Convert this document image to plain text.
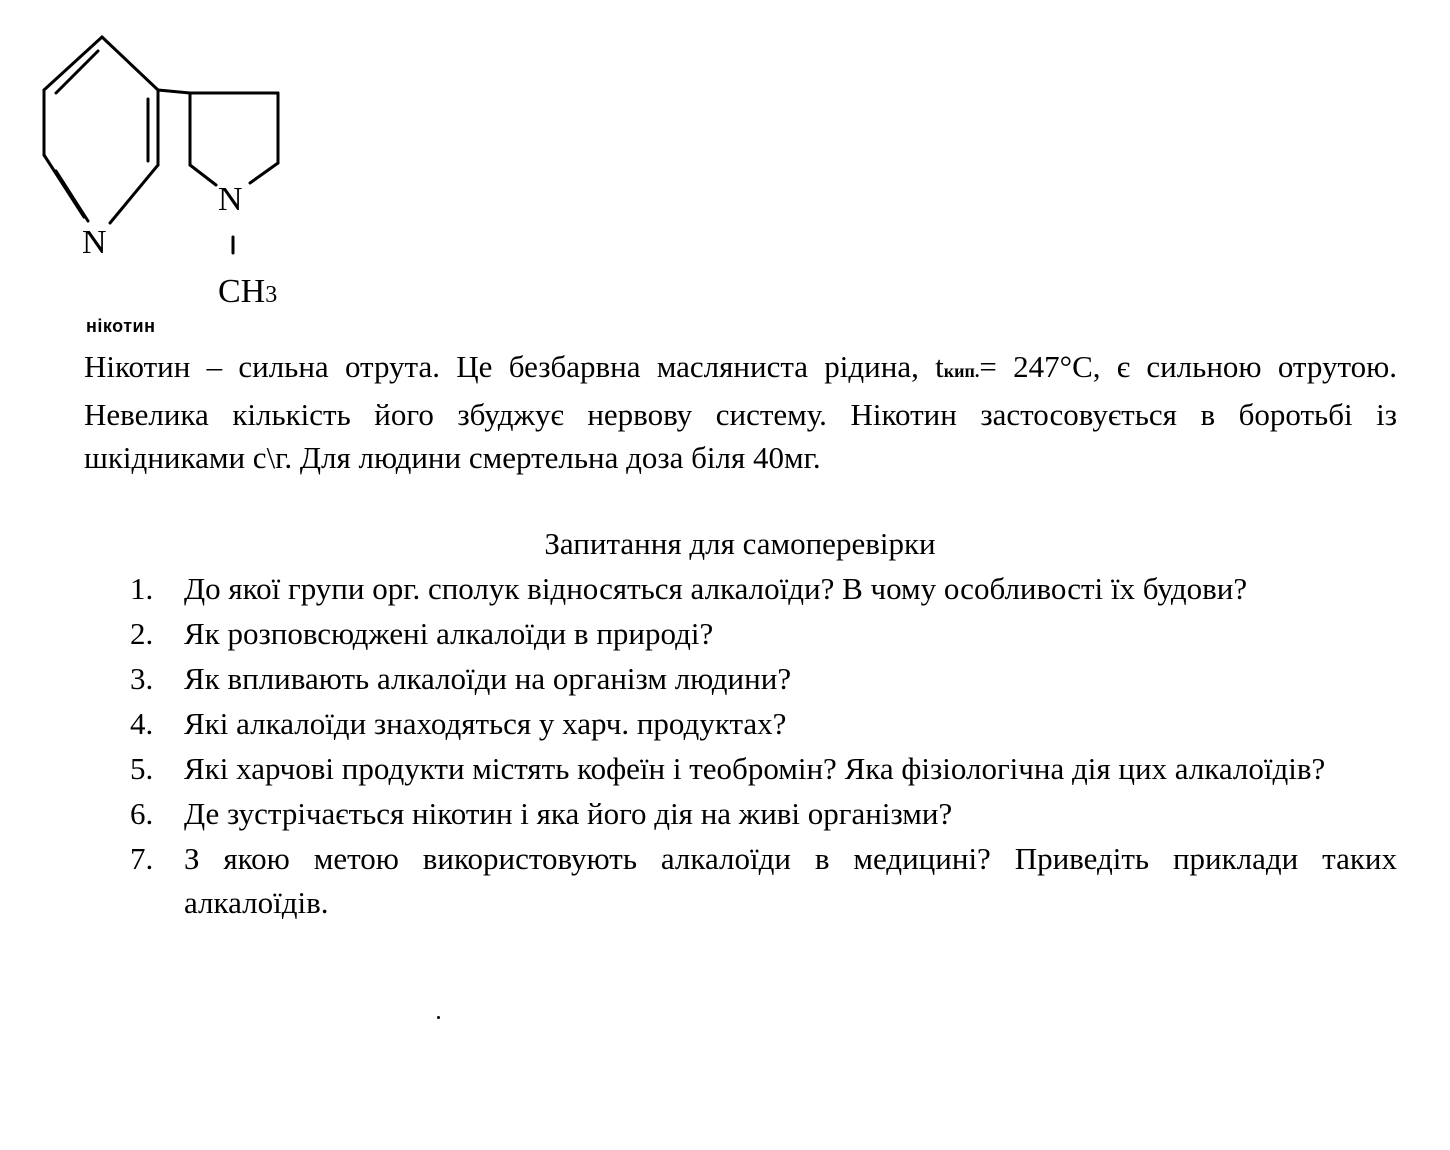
N
N
CH3
нікотин

Нікотин – сильна отрута. Це безбарвна масляниста рідина, tкип.= 247°С, є сильною отрутою. Невелика кількість його збуджує нервову систему. Нікотин застосовується в боротьбі із шкідниками с\г. Для людини смертельна доза біля 40мг.

Запитання для самоперевірки
1. До якої групи орг. сполук відносяться алкалоїди? В чому особливості їх будови?
2. Як розповсюджені алкалоїди в природі?
3. Як впливають алкалоїди на організм людини?
4. Які алкалоїди знаходяться у харч. продуктах?
5. Які харчові продукти містять кофеїн і теобромін? Яка фізіологічна дія цих алкалоїдів?
6. Де зустрічається нікотин і яка його дія на живі організми?
7. З якою метою використовують алкалоїди в медицині? Приведіть приклади таких алкалоїдів.
